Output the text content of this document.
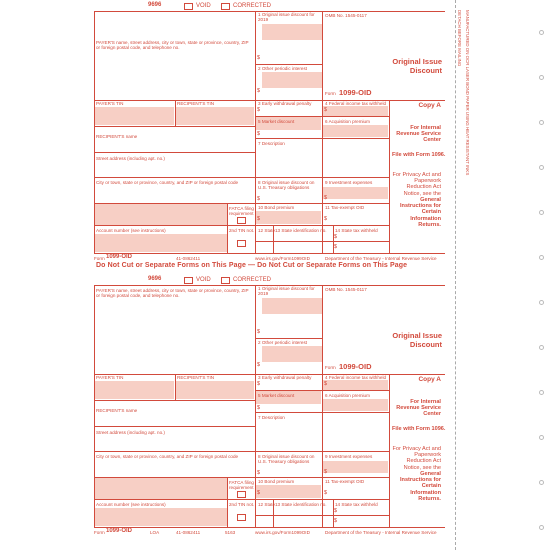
9696	VOID	CORRECTED
PAYER'S name, street address, city or town, state or province, country, ZIP or foreign postal code, and telephone no.
1 Original issue discount for 2019
$
2 Other periodic interest
$
OMB No. 1545-0117
Form 1099-OID
Original Issue Discount
PAYER'S TIN	RECIPIENT'S TIN	3 Early withdrawal penalty
$
4 Federal income tax withheld
$
5 Market discount	6 Acquisition premium
$
Copy A
For Internal Revenue Service Center
File with Form 1096.
For Privacy Act and Paperwork Reduction Act Notice, see the
General Instructions for Certain Information Returns.
RECIPIENT'S name
7 Description
Street address (including apt. no.)
City or town, state or province, country, and ZIP or foreign postal code	8 Original issue discount on U.S. Treasury obligations
$
9 Investment expenses
$
FATCA filing requirement
10 Bond premium
$
11 Tax-exempt OID
$
Account number (see instructions)	2nd TIN not. 12 State 13 State identification no. 14 State tax withheld
$
$
Form 1099-OID	41-0862411	www.irs.gov/Form1099OID	Department of the Treasury - Internal Revenue Service
Do Not Cut or Separate Forms on This Page — Do Not Cut or Separate Forms on This Page
9696	VOID	CORRECTED
PAYER'S name, street address, city or town, state or province, country, ZIP or foreign postal code, and telephone no.
1 Original issue discount for 2019
$
2 Other periodic interest
$
OMB No. 1545-0117
Form 1099-OID
Original Issue Discount
PAYER'S TIN	RECIPIENT'S TIN	3 Early withdrawal penalty
$
4 Federal income tax withheld
$
5 Market discount	6 Acquisition premium
$
Copy A
For Internal Revenue Service Center
File with Form 1096.
For Privacy Act and Paperwork Reduction Act Notice, see the
General Instructions for Certain Information Returns.
RECIPIENT'S name
7 Description
Street address (including apt. no.)
City or town, state or province, country, and ZIP or foreign postal code	8 Original issue discount on U.S. Treasury obligations
$
9 Investment expenses
$
FATCA filing requirement
10 Bond premium
$
11 Tax-exempt OID
$
Account number (see instructions)	2nd TIN not. 12 State 13 State identification no. 14 State tax withheld
$
$
Form 1099-OID	LOA	41-0862411	5163	www.irs.gov/Form1099OID	Department of the Treasury - Internal Revenue Service
DETACH BEFORE MAILING MANUFACTURED ON OCR LASER BOND PAPER USING HEAT RESISTANT INKS
